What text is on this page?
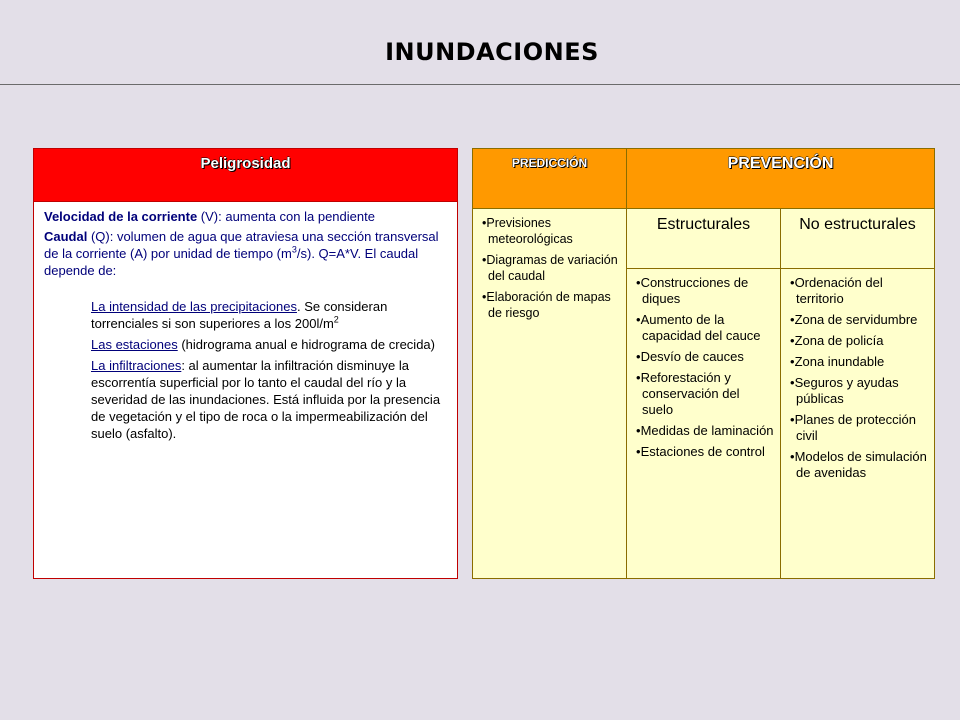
INUNDACIONES
Peligrosidad

Velocidad de la corriente (V): aumenta con la pendiente

Caudal (Q): volumen de agua que atraviesa una sección transversal de la corriente (A) por unidad de tiempo $(m^3/s)$. Q=A*V. El caudal depende de:

La intensidad de las precipitaciones. Se consideran torrenciales si son superiores a los $200l/m^2$

Las estaciones (hidrograma anual e hidrograma de crecida)

La infiltraciones: al aumentar la infiltración disminuye la escorrentía superficial por lo tanto el caudal del río y la severidad de las inundaciones. Está influida por la presencia de vegetación y el tipo de roca o la impermeabilización del suelo (asfalto).

PREDICCIÓN	PREVENCIÓN
• Previsiones meteorológicas
• Diagramas de variación del caudal
• Elaboración de mapas de riesgo
Estructurales	No estructurales
• Construcciones de diques
• Aumento de la capacidad del cauce
• Desvío de cauces
• Reforestación y conservación del suelo
• Medidas de laminación
• Estaciones de control
• Ordenación del territorio
• Zona de servidumbre
• Zona de policía
• Zona inundable
• Seguros y ayudas públicas
• Planes de protección civil
• Modelos de simulación de avenidas
